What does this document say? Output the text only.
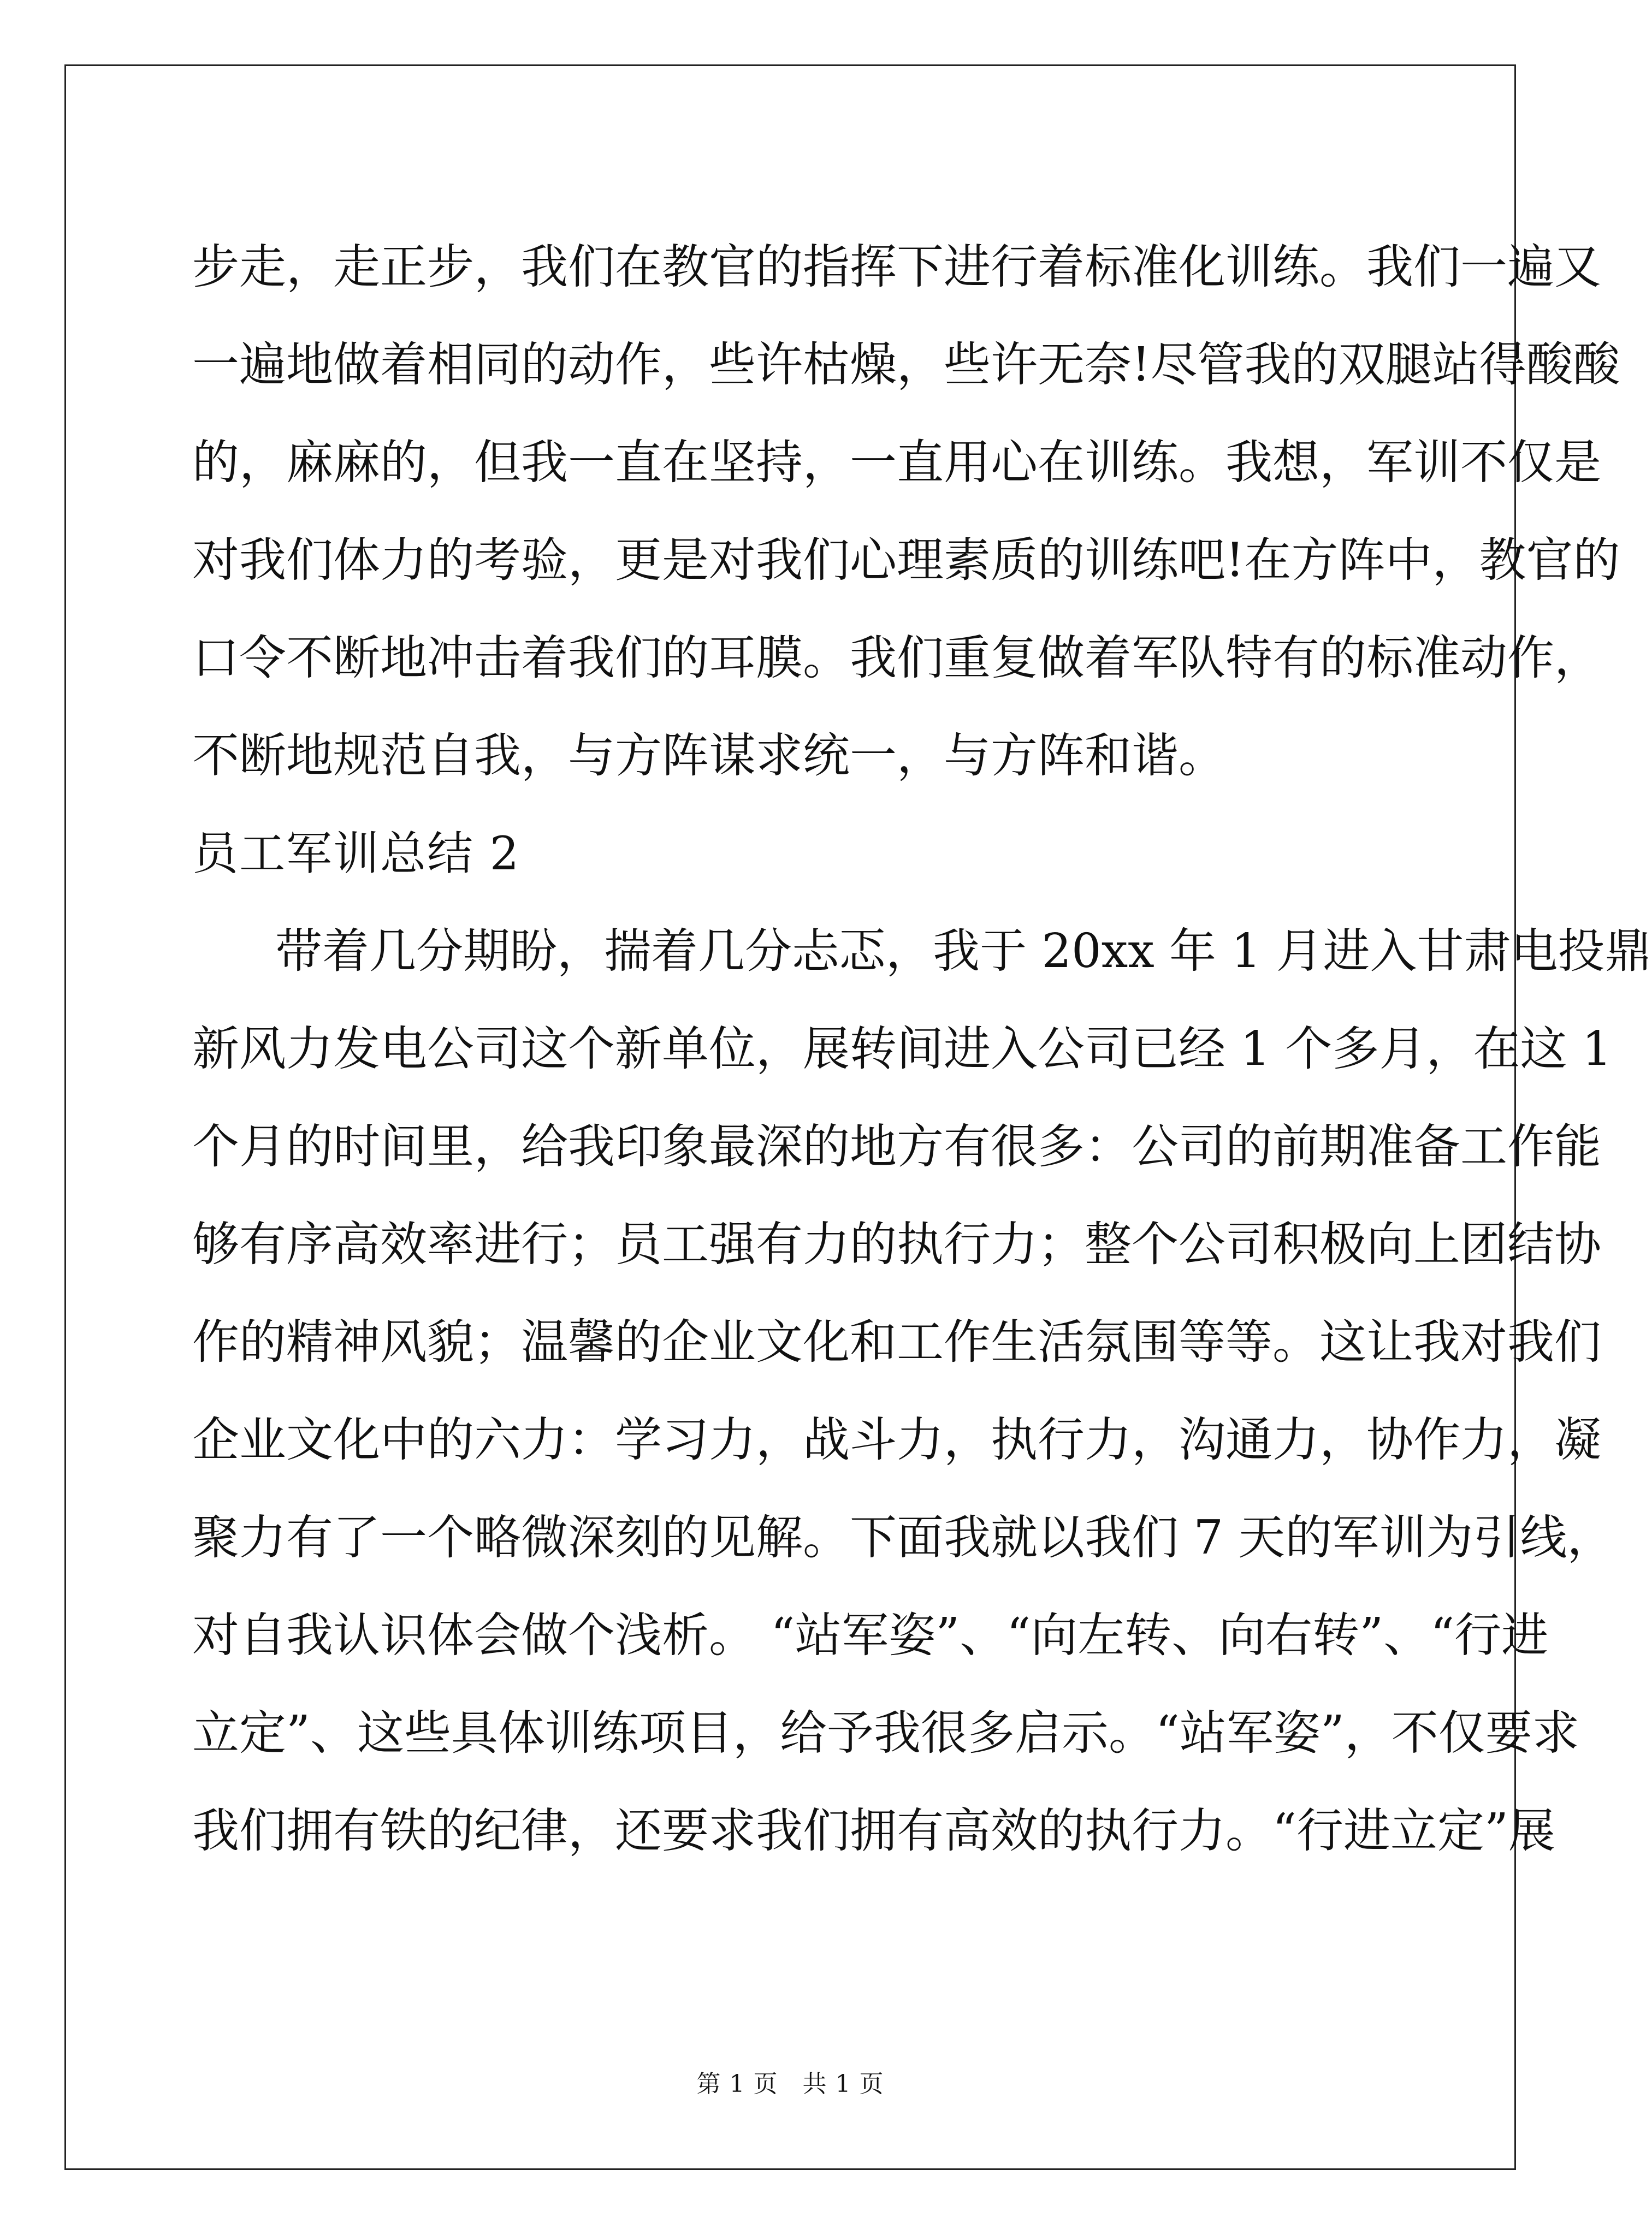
步走，走正步，我们在教官的指挥下进行着标准化训练。我们一遍又
一遍地做着相同的动作，些许枯燥，些许无奈!尽管我的双腿站得酸酸
的，麻麻的，但我一直在坚持，一直用心在训练。我想，军训不仅是
对我们体力的考验，更是对我们心理素质的训练吧!在方阵中，教官的
口令不断地冲击着我们的耳膜。我们重复做着军队特有的标准动作，
不断地规范自我，与方阵谋求统一，与方阵和谐。
员工军训总结 2
带着几分期盼，揣着几分忐忑，我于 20xx 年 1 月进入甘肃电投鼎
新风力发电公司这个新单位，展转间进入公司已经 1 个多月，在这 1
个月的时间里，给我印象最深的地方有很多：公司的前期准备工作能
够有序高效率进行；员工强有力的执行力；整个公司积极向上团结协
作的精神风貌；温馨的企业文化和工作生活氛围等等。这让我对我们
企业文化中的六力：学习力，战斗力，执行力，沟通力，协作力，凝
聚力有了一个略微深刻的见解。下面我就以我们 7 天的军训为引线，
对自我认识体会做个浅析。 “站军姿”、“向左转、向右转”、“行进
立定”、这些具体训练项目，给予我很多启示。“站军姿”，不仅要求
我们拥有铁的纪律，还要求我们拥有高效的执行力。“行进立定”展
第 1 页　共 1 页
